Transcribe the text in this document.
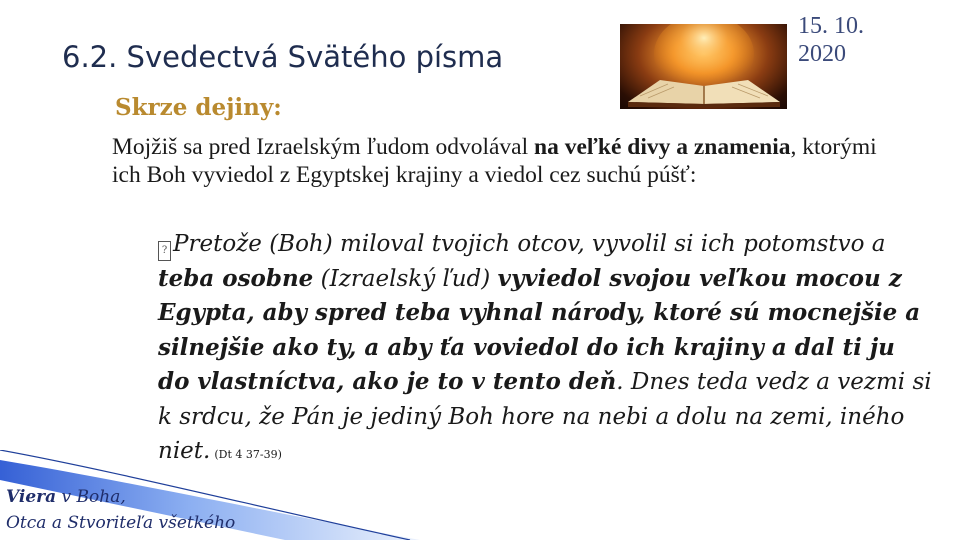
6.2. Svedectvá Svätého písma
15. 10.
2020
Skrze dejiny:
Mojžiš sa pred Izraelským ľudom odvolával na veľké divy a znamenia, ktorými ich Boh vyviedol z Egyptskej krajiny a viedol cez suchú púšť:
? Pretože (Boh) miloval tvojich otcov, vyvolil si ich potomstvo a teba osobne (Izraelský ľud) vyviedol svojou veľkou mocou z Egypta, aby spred teba vyhnal národy, ktoré sú mocnejšie a silnejšie ako ty, a aby ťa voviedol do ich krajiny a dal ti ju do vlastníctva, ako je to v tento deň. Dnes teda vedz a vezmi si k srdcu, že Pán je jediný Boh hore na nebi a dolu na zemi, iného niet. (Dt 4 37-39)
Viera v Boha,
Otca a Stvoriteľa všetkého
